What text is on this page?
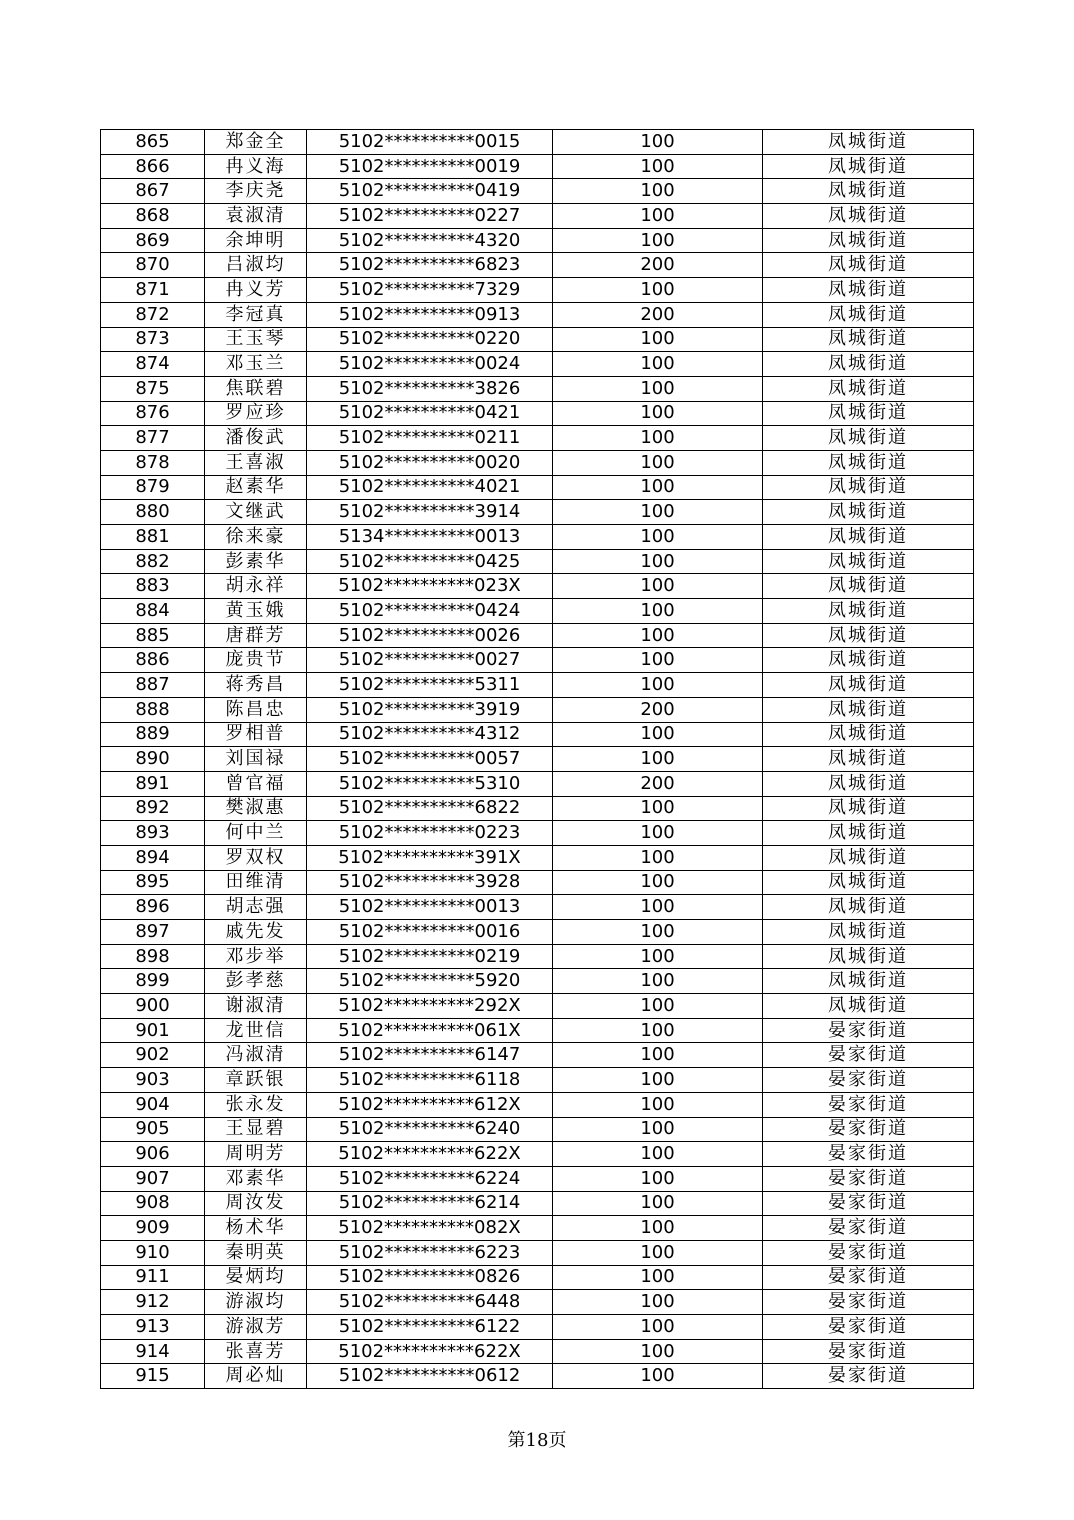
865	郑金全	5102**********0015	100	凤城街道
866	冉义海	5102**********0019	100	凤城街道
867	李庆尧	5102**********0419	100	凤城街道
868	袁淑清	5102**********0227	100	凤城街道
869	余坤明	5102**********4320	100	凤城街道
870	吕淑均	5102**********6823	200	凤城街道
871	冉义芳	5102**********7329	100	凤城街道
872	李冠真	5102**********0913	200	凤城街道
873	王玉琴	5102**********0220	100	凤城街道
874	邓玉兰	5102**********0024	100	凤城街道
875	焦联碧	5102**********3826	100	凤城街道
876	罗应珍	5102**********0421	100	凤城街道
877	潘俊武	5102**********0211	100	凤城街道
878	王喜淑	5102**********0020	100	凤城街道
879	赵素华	5102**********4021	100	凤城街道
880	文继武	5102**********3914	100	凤城街道
881	徐来豪	5134**********0013	100	凤城街道
882	彭素华	5102**********0425	100	凤城街道
883	胡永祥	5102**********023X	100	凤城街道
884	黄玉娥	5102**********0424	100	凤城街道
885	唐群芳	5102**********0026	100	凤城街道
886	庞贵节	5102**********0027	100	凤城街道
887	蒋秀昌	5102**********5311	100	凤城街道
888	陈昌忠	5102**********3919	200	凤城街道
889	罗相普	5102**********4312	100	凤城街道
890	刘国禄	5102**********0057	100	凤城街道
891	曾官福	5102**********5310	200	凤城街道
892	樊淑惠	5102**********6822	100	凤城街道
893	何中兰	5102**********0223	100	凤城街道
894	罗双权	5102**********391X	100	凤城街道
895	田维清	5102**********3928	100	凤城街道
896	胡志强	5102**********0013	100	凤城街道
897	戚先发	5102**********0016	100	凤城街道
898	邓步举	5102**********0219	100	凤城街道
899	彭孝慈	5102**********5920	100	凤城街道
900	谢淑清	5102**********292X	100	凤城街道
901	龙世信	5102**********061X	100	晏家街道
902	冯淑清	5102**********6147	100	晏家街道
903	章跃银	5102**********6118	100	晏家街道
904	张永发	5102**********612X	100	晏家街道
905	王显碧	5102**********6240	100	晏家街道
906	周明芳	5102**********622X	100	晏家街道
907	邓素华	5102**********6224	100	晏家街道
908	周汝发	5102**********6214	100	晏家街道
909	杨术华	5102**********082X	100	晏家街道
910	秦明英	5102**********6223	100	晏家街道
911	晏炳均	5102**********0826	100	晏家街道
912	游淑均	5102**********6448	100	晏家街道
913	游淑芳	5102**********6122	100	晏家街道
914	张喜芳	5102**********622X	100	晏家街道
915	周必灿	5102**********0612	100	晏家街道
第18页
